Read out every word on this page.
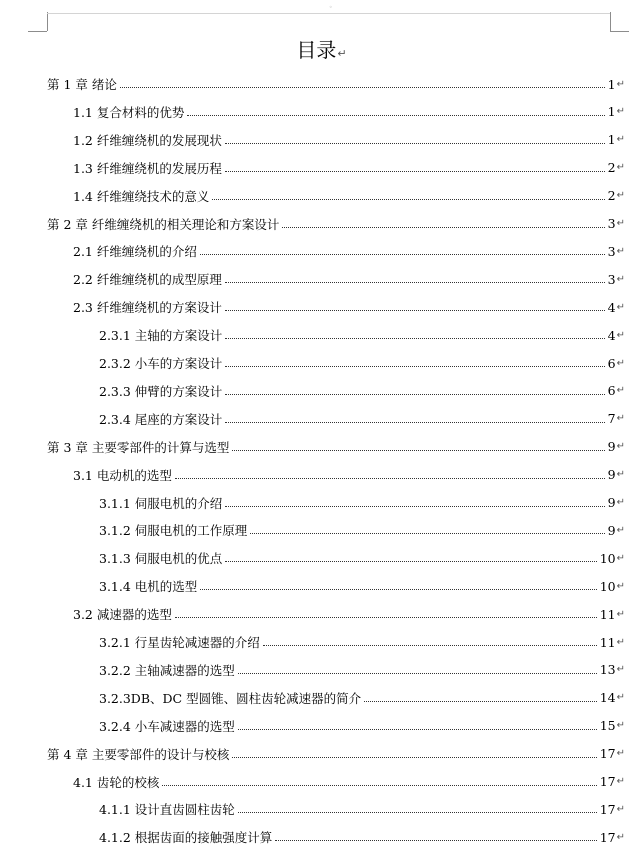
◦
目录↵
第 1 章 绪论	1 ↵
1.1 复合材料的优势	1 ↵
1.2 纤维缠绕机的发展现状	1 ↵
1.3 纤维缠绕机的发展历程	2 ↵
1.4 纤维缠绕技术的意义	2 ↵
第 2 章 纤维缠绕机的相关理论和方案设计	3 ↵
2.1 纤维缠绕机的介绍	3 ↵
2.2 纤维缠绕机的成型原理	3 ↵
2.3 纤维缠绕机的方案设计	4 ↵
2.3.1 主轴的方案设计	4 ↵
2.3.2 小车的方案设计	6 ↵
2.3.3 伸臂的方案设计	6 ↵
2.3.4 尾座的方案设计	7 ↵
第 3 章 主要零部件的计算与选型	9 ↵
3.1 电动机的选型	9 ↵
3.1.1 伺服电机的介绍	9 ↵
3.1.2 伺服电机的工作原理	9 ↵
3.1.3 伺服电机的优点	10 ↵
3.1.4 电机的选型	10 ↵
3.2 减速器的选型	11 ↵
3.2.1 行星齿轮减速器的介绍	11 ↵
3.2.2 主轴减速器的选型	13 ↵
3.2.3DB、DC 型圆锥、圆柱齿轮减速器的简介	14 ↵
3.2.4 小车减速器的选型	15 ↵
第 4 章 主要零部件的设计与校核	17 ↵
4.1 齿轮的校核	17 ↵
4.1.1 设计直齿圆柱齿轮	17 ↵
4.1.2 根据齿面的接触强度计算	17 ↵
